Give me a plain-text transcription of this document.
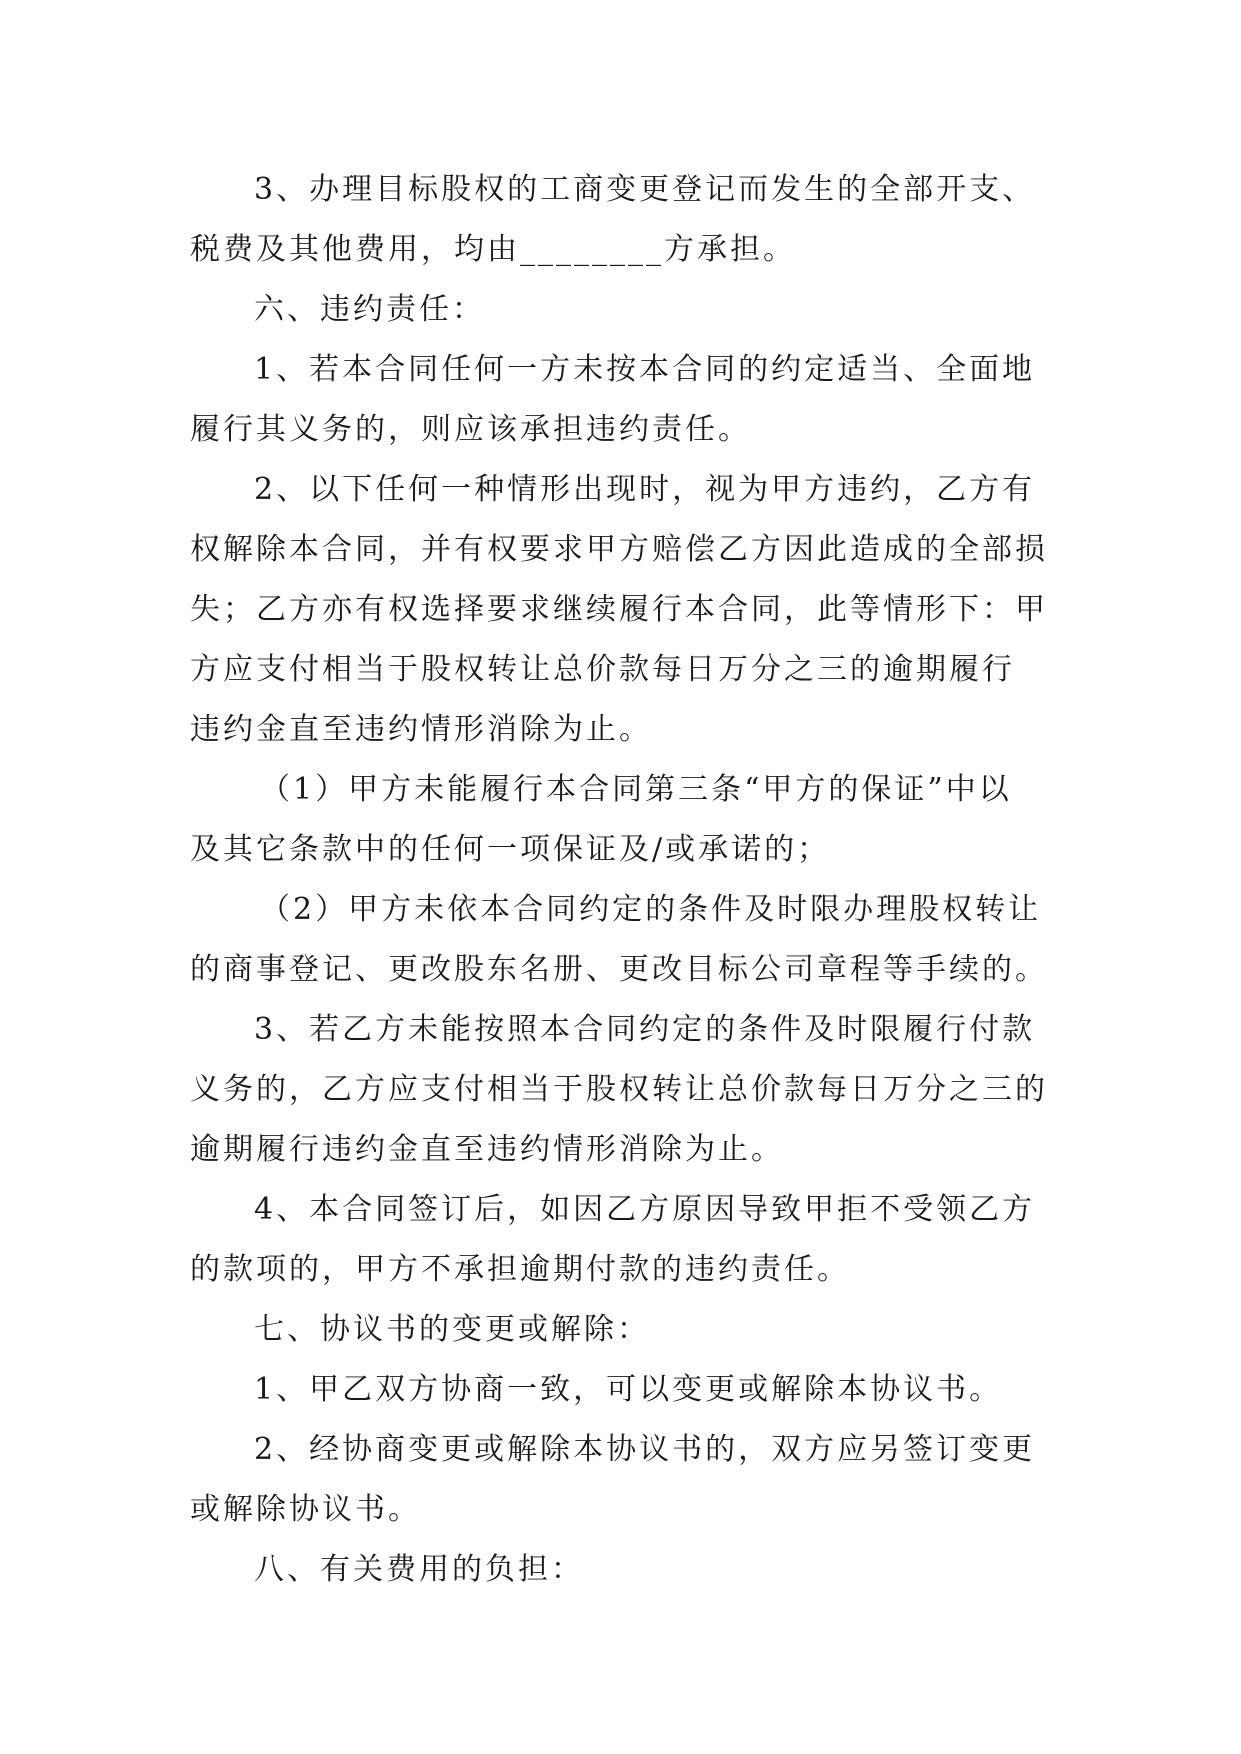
3、办理目标股权的工商变更登记而发生的全部开支、
税费及其他费用，均由________方承担。
六、违约责任：
1、若本合同任何一方未按本合同的约定适当、全面地
履行其义务的，则应该承担违约责任。
2、以下任何一种情形出现时，视为甲方违约，乙方有
权解除本合同，并有权要求甲方赔偿乙方因此造成的全部损
失；乙方亦有权选择要求继续履行本合同，此等情形下：甲
方应支付相当于股权转让总价款每日万分之三的逾期履行
违约金直至违约情形消除为止。
（1）甲方未能履行本合同第三条“甲方的保证”中以
及其它条款中的任何一项保证及/或承诺的；
（2）甲方未依本合同约定的条件及时限办理股权转让
的商事登记、更改股东名册、更改目标公司章程等手续的。
3、若乙方未能按照本合同约定的条件及时限履行付款
义务的，乙方应支付相当于股权转让总价款每日万分之三的
逾期履行违约金直至违约情形消除为止。
4、本合同签订后，如因乙方原因导致甲拒不受领乙方
的款项的，甲方不承担逾期付款的违约责任。
七、协议书的变更或解除：
1、甲乙双方协商一致，可以变更或解除本协议书。
2、经协商变更或解除本协议书的，双方应另签订变更
或解除协议书。
八、有关费用的负担：
